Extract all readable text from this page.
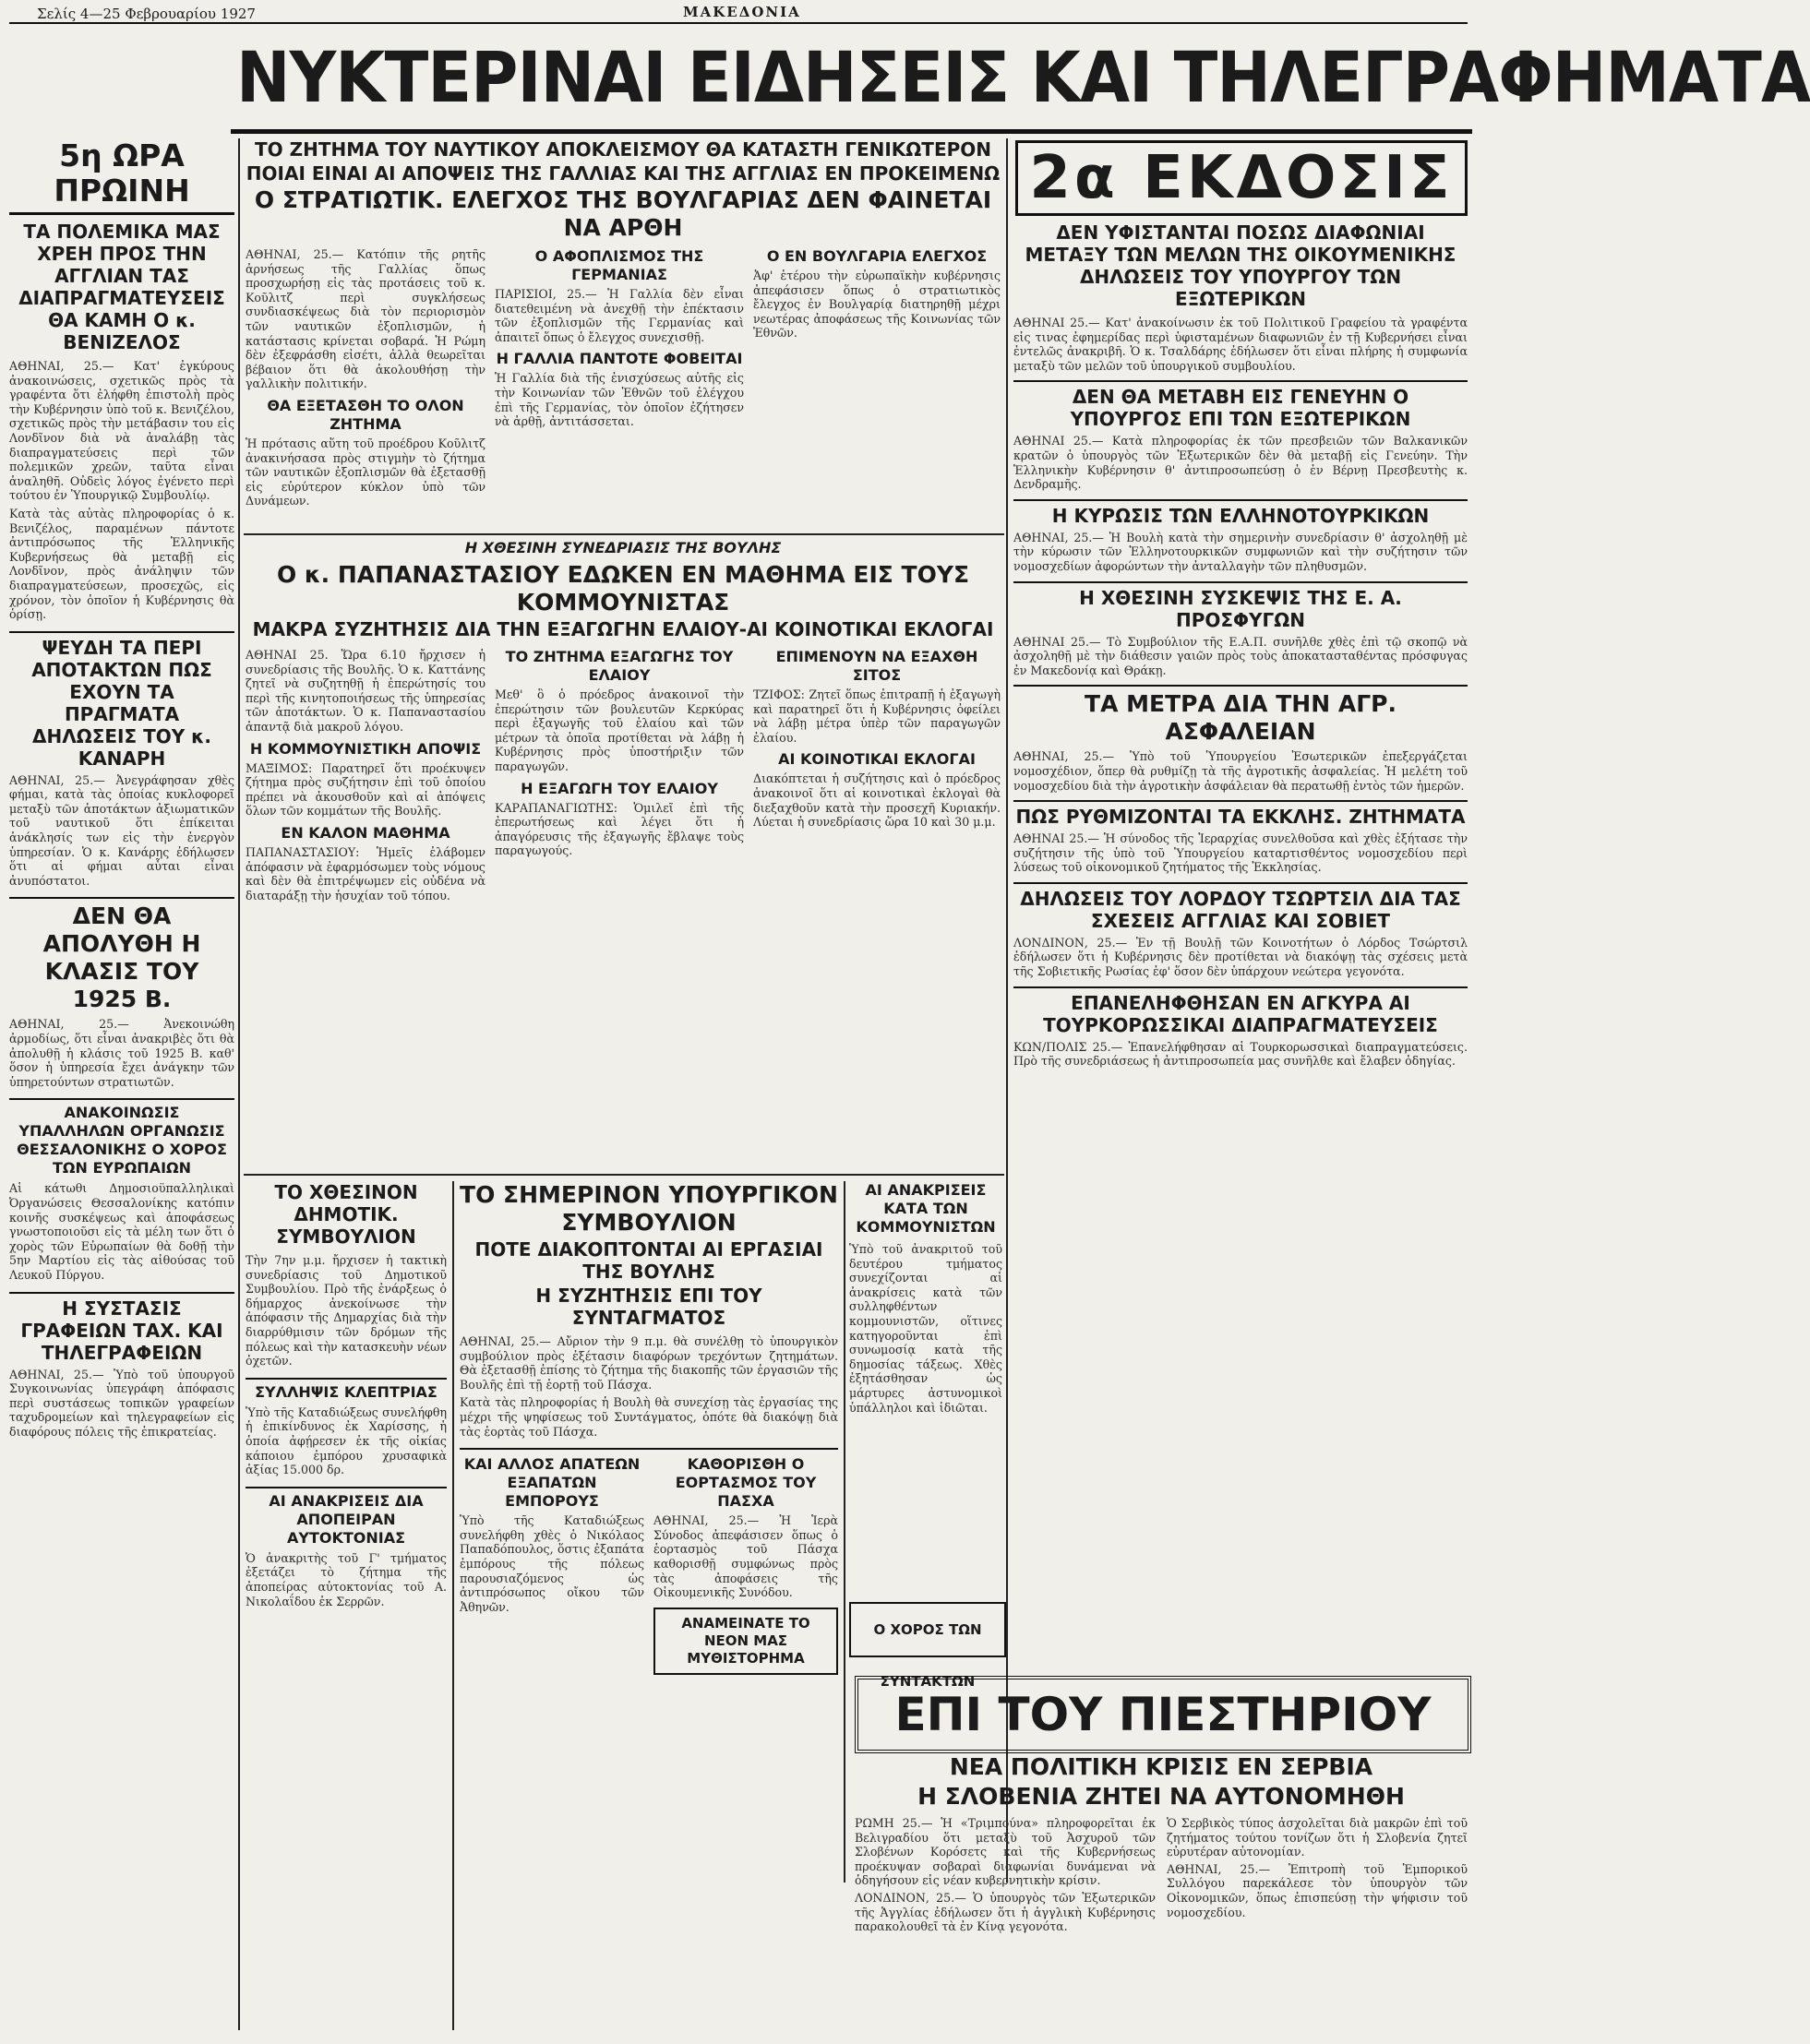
Σελίς 4—25 Φεβρουαρίου 1927	ΜΑΚΕΔΟΝΙΑ
ΝΥΚΤΕΡΙΝΑΙ ΕΙΔΗΣΕΙΣ ΚΑΙ ΤΗΛΕΓΡΑΦΗΜΑΤΑ
5η ΩΡΑ ΠΡΩΙΝΗ
ΤΑ ΠΟΛΕΜΙΚΑ ΜΑΣ ΧΡΕΗ ΠΡΟΣ ΤΗΝ ΑΓΓΛΙΑΝ ΤΑΣ ΔΙΑΠΡΑΓΜΑΤΕΥΣΕΙΣ ΘΑ ΚΑΜΗ Ο κ. ΒΕΝΙΖΕΛΟΣ
ΑΘΗΝΑΙ, 25.— Κατ' ἐγκύρους ἀνακοινώσεις, σχετικῶς πρὸς τὰ γραφέντα ὅτι ἐλήφθη ἐπιστολὴ πρὸς τὴν Κυβέρνησιν ὑπὸ τοῦ κ. Βενιζέλου, σχετικῶς πρὸς τὴν μετάβασιν του εἰς Λονδῖνον διὰ νὰ ἀναλάβῃ τὰς διαπραγματεύσεις περὶ τῶν πολεμικῶν χρεῶν, ταῦτα εἶναι ἀναληθῆ. Οὐδεὶς λόγος ἐγένετο περὶ τούτου ἐν Ὑπουργικῷ Συμβουλίῳ.
Κατὰ τὰς αὐτὰς πληροφορίας ὁ κ. Βενιζέλος, παραμένων πάντοτε ἀντιπρόσωπος τῆς Ἑλληνικῆς Κυβερνήσεως θὰ μεταβῇ εἰς Λονδῖνον, πρὸς ἀνάληψιν τῶν διαπραγματεύσεων, προσεχῶς, εἰς χρόνον, τὸν ὁποῖον ἡ Κυβέρνησις θὰ ὁρίσῃ.
ΨΕΥΔΗ ΤΑ ΠΕΡΙ ΑΠΟΤΑΚΤΩΝ ΠΩΣ ΕΧΟΥΝ ΤΑ ΠΡΑΓΜΑΤΑ ΔΗΛΩΣΕΙΣ ΤΟΥ κ. ΚΑΝΑΡΗ
ΑΘΗΝΑΙ, 25.— Ἀνεγράφησαν χθὲς φήμαι, κατὰ τὰς ὁποίας κυκλοφορεῖ μεταξὺ τῶν ἀποτάκτων ἀξιωματικῶν τοῦ ναυτικοῦ ὅτι ἐπίκειται ἀνάκλησίς των εἰς τὴν ἐνεργὸν ὑπηρεσίαν. Ὁ κ. Κανάρης ἐδήλωσεν ὅτι αἱ φήμαι αὗται εἶναι ἀνυπόστατοι.
ΔΕΝ ΘΑ ΑΠΟΛΥΘΗ Η ΚΛΑΣΙΣ ΤΟΥ 1925 Β.
ΑΘΗΝΑΙ, 25.— Ἀνεκοινώθη ἀρμοδίως, ὅτι εἶναι ἀνακριβὲς ὅτι θὰ ἀπολυθῇ ἡ κλάσις τοῦ 1925 Β. καθ' ὅσον ἡ ὑπηρεσία ἔχει ἀνάγκην τῶν ὑπηρετούντων στρατιωτῶν.
ΑΝΑΚΟΙΝΩΣΙΣ ΥΠΑΛΛΗΛΩΝ ΟΡΓΑΝΩΣΙΣ ΘΕΣΣΑΛΟΝΙΚΗΣ Ο ΧΟΡΟΣ ΤΩΝ ΕΥΡΩΠΑΙΩΝ
Αἱ κάτωθι Δημοσιοϋπαλληλικαὶ Ὀργανώσεις Θεσσαλονίκης κατόπιν κοινῆς συσκέψεως καὶ ἀποφάσεως γνωστοποιοῦσι εἰς τὰ μέλη των ὅτι ὁ χορὸς τῶν Εὐρωπαίων θὰ δοθῇ τὴν 5ην Μαρτίου εἰς τὰς αἰθούσας τοῦ Λευκοῦ Πύργου.
Η ΣΥΣΤΑΣΙΣ ΓΡΑΦΕΙΩΝ ΤΑΧ. ΚΑΙ ΤΗΛΕΓΡΑΦΕΙΩΝ
ΑΘΗΝΑΙ, 25.— Ὑπὸ τοῦ ὑπουργοῦ Συγκοινωνίας ὑπεγράφη ἀπόφασις περὶ συστάσεως τοπικῶν γραφείων ταχυδρομείων καὶ τηλεγραφείων εἰς διαφόρους πόλεις τῆς ἐπικρατείας.
ΤΟ ΖΗΤΗΜΑ ΤΟΥ ΝΑΥΤΙΚΟΥ ΑΠΟΚΛΕΙΣΜΟΥ ΘΑ ΚΑΤΑΣΤΗ ΓΕΝΙΚΩΤΕΡΟΝ
ΠΟΙΑΙ ΕΙΝΑΙ ΑΙ ΑΠΟΨΕΙΣ ΤΗΣ ΓΑΛΛΙΑΣ ΚΑΙ ΤΗΣ ΑΓΓΛΙΑΣ ΕΝ ΠΡΟΚΕΙΜΕΝΩ
Ο ΣΤΡΑΤΙΩΤΙΚ. ΕΛΕΓΧΟΣ ΤΗΣ ΒΟΥΛΓΑΡΙΑΣ ΔΕΝ ΦΑΙΝΕΤΑΙ ΝΑ ΑΡΘΗ
ΑΘΗΝΑΙ, 25.— Κατόπιν τῆς ρητῆς ἀρνήσεως τῆς Γαλλίας ὅπως προσχωρήσῃ εἰς τὰς προτάσεις τοῦ κ. Κοῦλιτζ περὶ συγκλήσεως συνδιασκέψεως διὰ τὸν περιορισμὸν τῶν ναυτικῶν ἐξοπλισμῶν, ἡ κατάστασις κρίνεται σοβαρά. Ἡ Ρώμη δὲν ἐξεφράσθη εἰσέτι, ἀλλὰ θεωρεῖται βέβαιον ὅτι θὰ ἀκολουθήσῃ τὴν γαλλικὴν πολιτικήν.
ΘΑ ΕΞΕΤΑΣΘΗ ΤΟ ΟΛΟΝ ΖΗΤΗΜΑ
Ἡ πρότασις αὕτη τοῦ προέδρου Κοῦλιτζ ἀνακινήσασα πρὸς στιγμὴν τὸ ζήτημα τῶν ναυτικῶν ἐξοπλισμῶν θὰ ἐξετασθῇ εἰς εὐρύτερον κύκλον ὑπὸ τῶν Δυνάμεων.
Ο ΑΦΟΠΛΙΣΜΟΣ ΤΗΣ ΓΕΡΜΑΝΙΑΣ
ΠΑΡΙΣΙΟΙ, 25.— Ἡ Γαλλία δὲν εἶναι διατεθειμένη νὰ ἀνεχθῇ τὴν ἐπέκτασιν τῶν ἐξοπλισμῶν τῆς Γερμανίας καὶ ἀπαιτεῖ ὅπως ὁ ἔλεγχος συνεχισθῇ.
Η ΓΑΛΛΙΑ ΠΑΝΤΟΤΕ ΦΟΒΕΙΤΑΙ
Ἡ Γαλλία διὰ τῆς ἐνισχύσεως αὐτῆς εἰς τὴν Κοινωνίαν τῶν Ἐθνῶν τοῦ ἐλέγχου ἐπὶ τῆς Γερμανίας, τὸν ὁποῖον ἐζήτησεν νὰ ἀρθῇ, ἀντιτάσσεται.
Ο ΕΝ ΒΟΥΛΓΑΡΙΑ ΕΛΕΓΧΟΣ
Ἀφ' ἑτέρου τὴν εὐρωπαϊκὴν κυβέρνησις ἀπεφάσισεν ὅπως ὁ στρατιωτικὸς ἔλεγχος ἐν Βουλγαρίᾳ διατηρηθῇ μέχρι νεωτέρας ἀποφάσεως τῆς Κοινωνίας τῶν Ἐθνῶν.
Η ΧΘΕΣΙΝΗ ΣΥΝΕΔΡΙΑΣΙΣ ΤΗΣ ΒΟΥΛΗΣ
Ο κ. ΠΑΠΑΝΑΣΤΑΣΙΟΥ ΕΔΩΚΕΝ ΕΝ ΜΑΘΗΜΑ ΕΙΣ ΤΟΥΣ ΚΟΜΜΟΥΝΙΣΤΑΣ
ΜΑΚΡΑ ΣΥΖΗΤΗΣΙΣ ΔΙΑ ΤΗΝ ΕΞΑΓΩΓΗΝ ΕΛΑΙΟΥ-ΑΙ ΚΟΙΝΟΤΙΚΑΙ ΕΚΛΟΓΑΙ
ΑΘΗΝΑΙ 25. Ὥρα 6.10 ἤρχισεν ἡ συνεδρίασις τῆς Βουλῆς. Ὁ κ. Καττάνης ζητεῖ νὰ συζητηθῇ ἡ ἐπερώτησίς του περὶ τῆς κινητοποιήσεως τῆς ὑπηρεσίας τῶν ἀποτάκτων. Ὁ κ. Παπαναστασίου ἀπαντᾷ διὰ μακροῦ λόγου.
Η ΚΟΜΜΟΥΝΙΣΤΙΚΗ ΑΠΟΨΙΣ
ΜΑΞΙΜΟΣ: Παρατηρεῖ ὅτι προέκυψεν ζήτημα πρὸς συζήτησιν ἐπὶ τοῦ ὁποίου πρέπει νὰ ἀκουσθοῦν καὶ αἱ ἀπόψεις ὅλων τῶν κομμάτων τῆς Βουλῆς.
ΕΝ ΚΑΛΟΝ ΜΑΘΗΜΑ
ΠΑΠΑΝΑΣΤΑΣΙΟΥ: Ἡμεῖς ἐλάβομεν ἀπόφασιν νὰ ἐφαρμόσωμεν τοὺς νόμους καὶ δὲν θὰ ἐπιτρέψωμεν εἰς οὐδένα νὰ διαταράξῃ τὴν ἡσυχίαν τοῦ τόπου.
ΤΟ ΖΗΤΗΜΑ ΕΞΑΓΩΓΗΣ ΤΟΥ ΕΛΑΙΟΥ
Μεθ' ὃ ὁ πρόεδρος ἀνακοινοῖ τὴν ἐπερώτησιν τῶν βουλευτῶν Κερκύρας περὶ ἐξαγωγῆς τοῦ ἐλαίου καὶ τῶν μέτρων τὰ ὁποῖα προτίθεται νὰ λάβῃ ἡ Κυβέρνησις πρὸς ὑποστήριξιν τῶν παραγωγῶν.
Η ΕΞΑΓΩΓΗ ΤΟΥ ΕΛΑΙΟΥ
ΚΑΡΑΠΑΝΑΓΙΩΤΗΣ: Ὁμιλεῖ ἐπὶ τῆς ἐπερωτήσεως καὶ λέγει ὅτι ἡ ἀπαγόρευσις τῆς ἐξαγωγῆς ἔβλαψε τοὺς παραγωγούς.
ΕΠΙΜΕΝΟΥΝ ΝΑ ΕΞΑΧΘΗ ΣΙΤΟΣ
ΤΖΙΦΟΣ: Ζητεῖ ὅπως ἐπιτραπῇ ἡ ἐξαγωγὴ καὶ παρατηρεῖ ὅτι ἡ Κυβέρνησις ὀφείλει νὰ λάβῃ μέτρα ὑπὲρ τῶν παραγωγῶν ἐλαίου.
ΑΙ ΚΟΙΝΟΤΙΚΑΙ ΕΚΛΟΓΑΙ
Διακόπτεται ἡ συζήτησις καὶ ὁ πρόεδρος ἀνακοινοῖ ὅτι αἱ κοινοτικαὶ ἐκλογαὶ θὰ διεξαχθοῦν κατὰ τὴν προσεχῆ Κυριακήν. Λύεται ἡ συνεδρίασις ὥρα 10 καὶ 30 μ.μ.
ΤΟ ΧΘΕΣΙΝΟΝ ΔΗΜΟΤΙΚ. ΣΥΜΒΟΥΛΙΟΝ
Τὴν 7ην μ.μ. ἤρχισεν ἡ τακτικὴ συνεδρίασις τοῦ Δημοτικοῦ Συμβουλίου. Πρὸ τῆς ἐνάρξεως ὁ δήμαρχος ἀνεκοίνωσε τὴν ἀπόφασιν τῆς Δημαρχίας διὰ τὴν διαρρύθμισιν τῶν δρόμων τῆς πόλεως καὶ τὴν κατασκευὴν νέων ὀχετῶν.
ΣΥΛΛΗΨΙΣ ΚΛΕΠΤΡΙΑΣ
Ὑπὸ τῆς Καταδιώξεως συνελήφθη ἡ ἐπικίνδυνος ἐκ Χαρίσσης, ἡ ὁποία ἀφῄρεσεν ἐκ τῆς οἰκίας κάποιου ἐμπόρου χρυσαφικὰ ἀξίας 15.000 δρ.
ΑΙ ΑΝΑΚΡΙΣΕΙΣ ΔΙΑ ΑΠΟΠΕΙΡΑΝ ΑΥΤΟΚΤΟΝΙΑΣ
Ὁ ἀνακριτὴς τοῦ Γ' τμήματος ἐξετάζει τὸ ζήτημα τῆς ἀποπείρας αὐτοκτονίας τοῦ Α. Νικολαΐδου ἐκ Σερρῶν.
ΤΟ ΣΗΜΕΡΙΝΟΝ ΥΠΟΥΡΓΙΚΟΝ ΣΥΜΒΟΥΛΙΟΝ
ΠΟΤΕ ΔΙΑΚΟΠΤΟΝΤΑΙ ΑΙ ΕΡΓΑΣΙΑΙ ΤΗΣ ΒΟΥΛΗΣ
Η ΣΥΖΗΤΗΣΙΣ ΕΠΙ ΤΟΥ ΣΥΝΤΑΓΜΑΤΟΣ
ΑΘΗΝΑΙ, 25.— Αὔριον τὴν 9 π.μ. θὰ συνέλθῃ τὸ ὑπουργικὸν συμβούλιον πρὸς ἐξέτασιν διαφόρων τρεχόντων ζητημάτων. Θὰ ἐξετασθῇ ἐπίσης τὸ ζήτημα τῆς διακοπῆς τῶν ἐργασιῶν τῆς Βουλῆς ἐπὶ τῇ ἑορτῇ τοῦ Πάσχα.
Κατὰ τὰς πληροφορίας ἡ Βουλὴ θὰ συνεχίσῃ τὰς ἐργασίας της μέχρι τῆς ψηφίσεως τοῦ Συντάγματος, ὁπότε θὰ διακόψῃ διὰ τὰς ἑορτὰς τοῦ Πάσχα.
ΚΑΙ ΑΛΛΟΣ ΑΠΑΤΕΩΝ ΕΞΑΠΑΤΩΝ ΕΜΠΟΡΟΥΣ
Ὑπὸ τῆς Καταδιώξεως συνελήφθη χθὲς ὁ Νικόλαος Παπαδόπουλος, ὅστις ἐξαπάτα ἐμπόρους τῆς πόλεως παρουσιαζόμενος ὡς ἀντιπρόσωπος οἴκου τῶν Ἀθηνῶν.
ΚΑΘΟΡΙΣΘΗ Ο ΕΟΡΤΑΣΜΟΣ ΤΟΥ ΠΑΣΧΑ
ΑΘΗΝΑΙ, 25.— Ἡ Ἱερὰ Σύνοδος ἀπεφάσισεν ὅπως ὁ ἑορτασμὸς τοῦ Πάσχα καθορισθῇ συμφώνως πρὸς τὰς ἀποφάσεις τῆς Οἰκουμενικῆς Συνόδου.
ΑΝΑΜΕΙΝΑΤΕ ΤΟ ΝΕΟΝ ΜΑΣ ΜΥΘΙΣΤΟΡΗΜΑ
ΑΙ ΑΝΑΚΡΙΣΕΙΣ ΚΑΤΑ ΤΩΝ ΚΟΜΜΟΥΝΙΣΤΩΝ
Ὑπὸ τοῦ ἀνακριτοῦ τοῦ δευτέρου τμήματος συνεχίζονται αἱ ἀνακρίσεις κατὰ τῶν συλληφθέντων κομμουνιστῶν, οἵτινες κατηγοροῦνται ἐπὶ συνωμοσίᾳ κατὰ τῆς δημοσίας τάξεως. Χθὲς ἐξητάσθησαν ὡς μάρτυρες ἀστυνομικοὶ ὑπάλληλοι καὶ ἰδιῶται.
Ο ΧΟΡΟΣ ΤΩΝ ΣΥΝΤΑΚΤΩΝ
2α ΕΚΔΟΣΙΣ
ΔΕΝ ΥΦΙΣΤΑΝΤΑΙ ΠΟΣΩΣ ΔΙΑΦΩΝΙΑΙ ΜΕΤΑΞΥ ΤΩΝ ΜΕΛΩΝ ΤΗΣ ΟΙΚΟΥΜΕΝΙΚΗΣ ΔΗΛΩΣΕΙΣ ΤΟΥ ΥΠΟΥΡΓΟΥ ΤΩΝ ΕΞΩΤΕΡΙΚΩΝ
ΑΘΗΝΑΙ 25.— Κατ' ἀνακοίνωσιν ἐκ τοῦ Πολιτικοῦ Γραφείου τὰ γραφέντα εἰς τινας ἐφημερίδας περὶ ὑφισταμένων διαφωνιῶν ἐν τῇ Κυβερνήσει εἶναι ἐντελῶς ἀνακριβῆ. Ὁ κ. Τσαλδάρης ἐδήλωσεν ὅτι εἶναι πλήρης ἡ συμφωνία μεταξὺ τῶν μελῶν τοῦ ὑπουργικοῦ συμβουλίου.
ΔΕΝ ΘΑ ΜΕΤΑΒΗ ΕΙΣ ΓΕΝΕΥΗΝ Ο ΥΠΟΥΡΓΟΣ ΕΠΙ ΤΩΝ ΕΞΩΤΕΡΙΚΩΝ
ΑΘΗΝΑΙ 25.— Κατὰ πληροφορίας ἐκ τῶν πρεσβειῶν τῶν Βαλκανικῶν κρατῶν ὁ ὑπουργὸς τῶν Ἐξωτερικῶν δὲν θὰ μεταβῇ εἰς Γενεύην. Τὴν Ἑλληνικὴν Κυβέρνησιν θ' ἀντιπροσωπεύσῃ ὁ ἐν Βέρνῃ Πρεσβευτὴς κ. Δενδραμῆς.
Η ΚΥΡΩΣΙΣ ΤΩΝ ΕΛΛΗΝΟΤΟΥΡΚΙΚΩΝ
ΑΘΗΝΑΙ, 25.— Ἡ Βουλὴ κατὰ τὴν σημερινὴν συνεδρίασιν θ' ἀσχοληθῇ μὲ τὴν κύρωσιν τῶν Ἑλληνοτουρκικῶν συμφωνιῶν καὶ τὴν συζήτησιν τῶν νομοσχεδίων ἀφορώντων τὴν ἀνταλλαγὴν τῶν πληθυσμῶν.
Η ΧΘΕΣΙΝΗ ΣΥΣΚΕΨΙΣ ΤΗΣ Ε. Α. ΠΡΟΣΦΥΓΩΝ
ΑΘΗΝΑΙ 25.— Τὸ Συμβούλιον τῆς Ε.Α.Π. συνῆλθε χθὲς ἐπὶ τῷ σκοπῷ νὰ ἀσχοληθῇ μὲ τὴν διάθεσιν γαιῶν πρὸς τοὺς ἀποκατασταθέντας πρόσφυγας ἐν Μακεδονίᾳ καὶ Θράκῃ.
ΤΑ ΜΕΤΡΑ ΔΙΑ ΤΗΝ ΑΓΡ. ΑΣΦΑΛΕΙΑΝ
ΑΘΗΝΑΙ, 25.— Ὑπὸ τοῦ Ὑπουργείου Ἐσωτερικῶν ἐπεξεργάζεται νομοσχέδιον, ὅπερ θὰ ρυθμίζῃ τὰ τῆς ἀγροτικῆς ἀσφαλείας. Ἡ μελέτη τοῦ νομοσχεδίου διὰ τὴν ἀγροτικὴν ἀσφάλειαν θὰ περατωθῇ ἐντὸς τῶν ἡμερῶν.
ΠΩΣ ΡΥΘΜΙΖΟΝΤΑΙ ΤΑ ΕΚΚΛΗΣ. ΖΗΤΗΜΑΤΑ
ΑΘΗΝΑΙ 25.— Ἡ σύνοδος τῆς Ἱεραρχίας συνελθοῦσα καὶ χθὲς ἐξήτασε τὴν συζήτησιν τῆς ὑπὸ τοῦ Ὑπουργείου καταρτισθέντος νομοσχεδίου περὶ λύσεως τοῦ οἰκονομικοῦ ζητήματος τῆς Ἐκκλησίας.
ΔΗΛΩΣΕΙΣ ΤΟΥ ΛΟΡΔΟΥ ΤΣΩΡΤΣΙΛ ΔΙΑ ΤΑΣ ΣΧΕΣΕΙΣ ΑΓΓΛΙΑΣ ΚΑΙ ΣΟΒΙΕΤ
ΛΟΝΔΙΝΟΝ, 25.— Ἐν τῇ Βουλῇ τῶν Κοινοτήτων ὁ Λόρδος Τσώρτσιλ ἐδήλωσεν ὅτι ἡ Κυβέρνησις δὲν προτίθεται νὰ διακόψῃ τὰς σχέσεις μετὰ τῆς Σοβιετικῆς Ρωσίας ἐφ' ὅσον δὲν ὑπάρχουν νεώτερα γεγονότα.
ΕΠΑΝΕΛΗΦΘΗΣΑΝ ΕΝ ΑΓΚΥΡΑ ΑΙ ΤΟΥΡΚΟΡΩΣΣΙΚΑΙ ΔΙΑΠΡΑΓΜΑΤΕΥΣΕΙΣ
ΚΩΝ/ΠΟΛΙΣ 25.— Ἐπανελήφθησαν αἱ Τουρκορωσσικαὶ διαπραγματεύσεις. Πρὸ τῆς συνεδριάσεως ἡ ἀντιπροσωπεία μας συνῆλθε καὶ ἔλαβεν ὁδηγίας.
ΕΠΙ ΤΟΥ ΠΙΕΣΤΗΡΙΟΥ
ΝΕΑ ΠΟΛΙΤΙΚΗ ΚΡΙΣΙΣ ΕΝ ΣΕΡΒΙΑ
Η ΣΛΟΒΕΝΙΑ ΖΗΤΕΙ ΝΑ ΑΥΤΟΝΟΜΗΘΗ
ΡΩΜΗ 25.— Ἡ «Τριμπούνα» πληροφορεῖται ἐκ Βελιγραδίου ὅτι μεταξὺ τοῦ Ἀσχυροῦ τῶν Σλοβένων Κορόσετς καὶ τῆς Κυβερνήσεως προέκυψαν σοβαραὶ διαφωνίαι δυνάμεναι νὰ ὁδηγήσουν εἰς νέαν κυβερνητικὴν κρίσιν.
ΛΟΝΔΙΝΟΝ, 25.— Ὁ ὑπουργὸς τῶν Ἐξωτερικῶν τῆς Ἀγγλίας ἐδήλωσεν ὅτι ἡ ἀγγλικὴ Κυβέρνησις παρακολουθεῖ τὰ ἐν Κίνᾳ γεγονότα.
Ὁ Σερβικὸς τύπος ἀσχολεῖται διὰ μακρῶν ἐπὶ τοῦ ζητήματος τούτου τονίζων ὅτι ἡ Σλοβενία ζητεῖ εὐρυτέραν αὐτονομίαν.
ΑΘΗΝΑΙ, 25.— Ἐπιτροπὴ τοῦ Ἐμπορικοῦ Συλλόγου παρεκάλεσε τὸν ὑπουργὸν τῶν Οἰκονομικῶν, ὅπως ἐπισπεύσῃ τὴν ψήφισιν τοῦ νομοσχεδίου.
